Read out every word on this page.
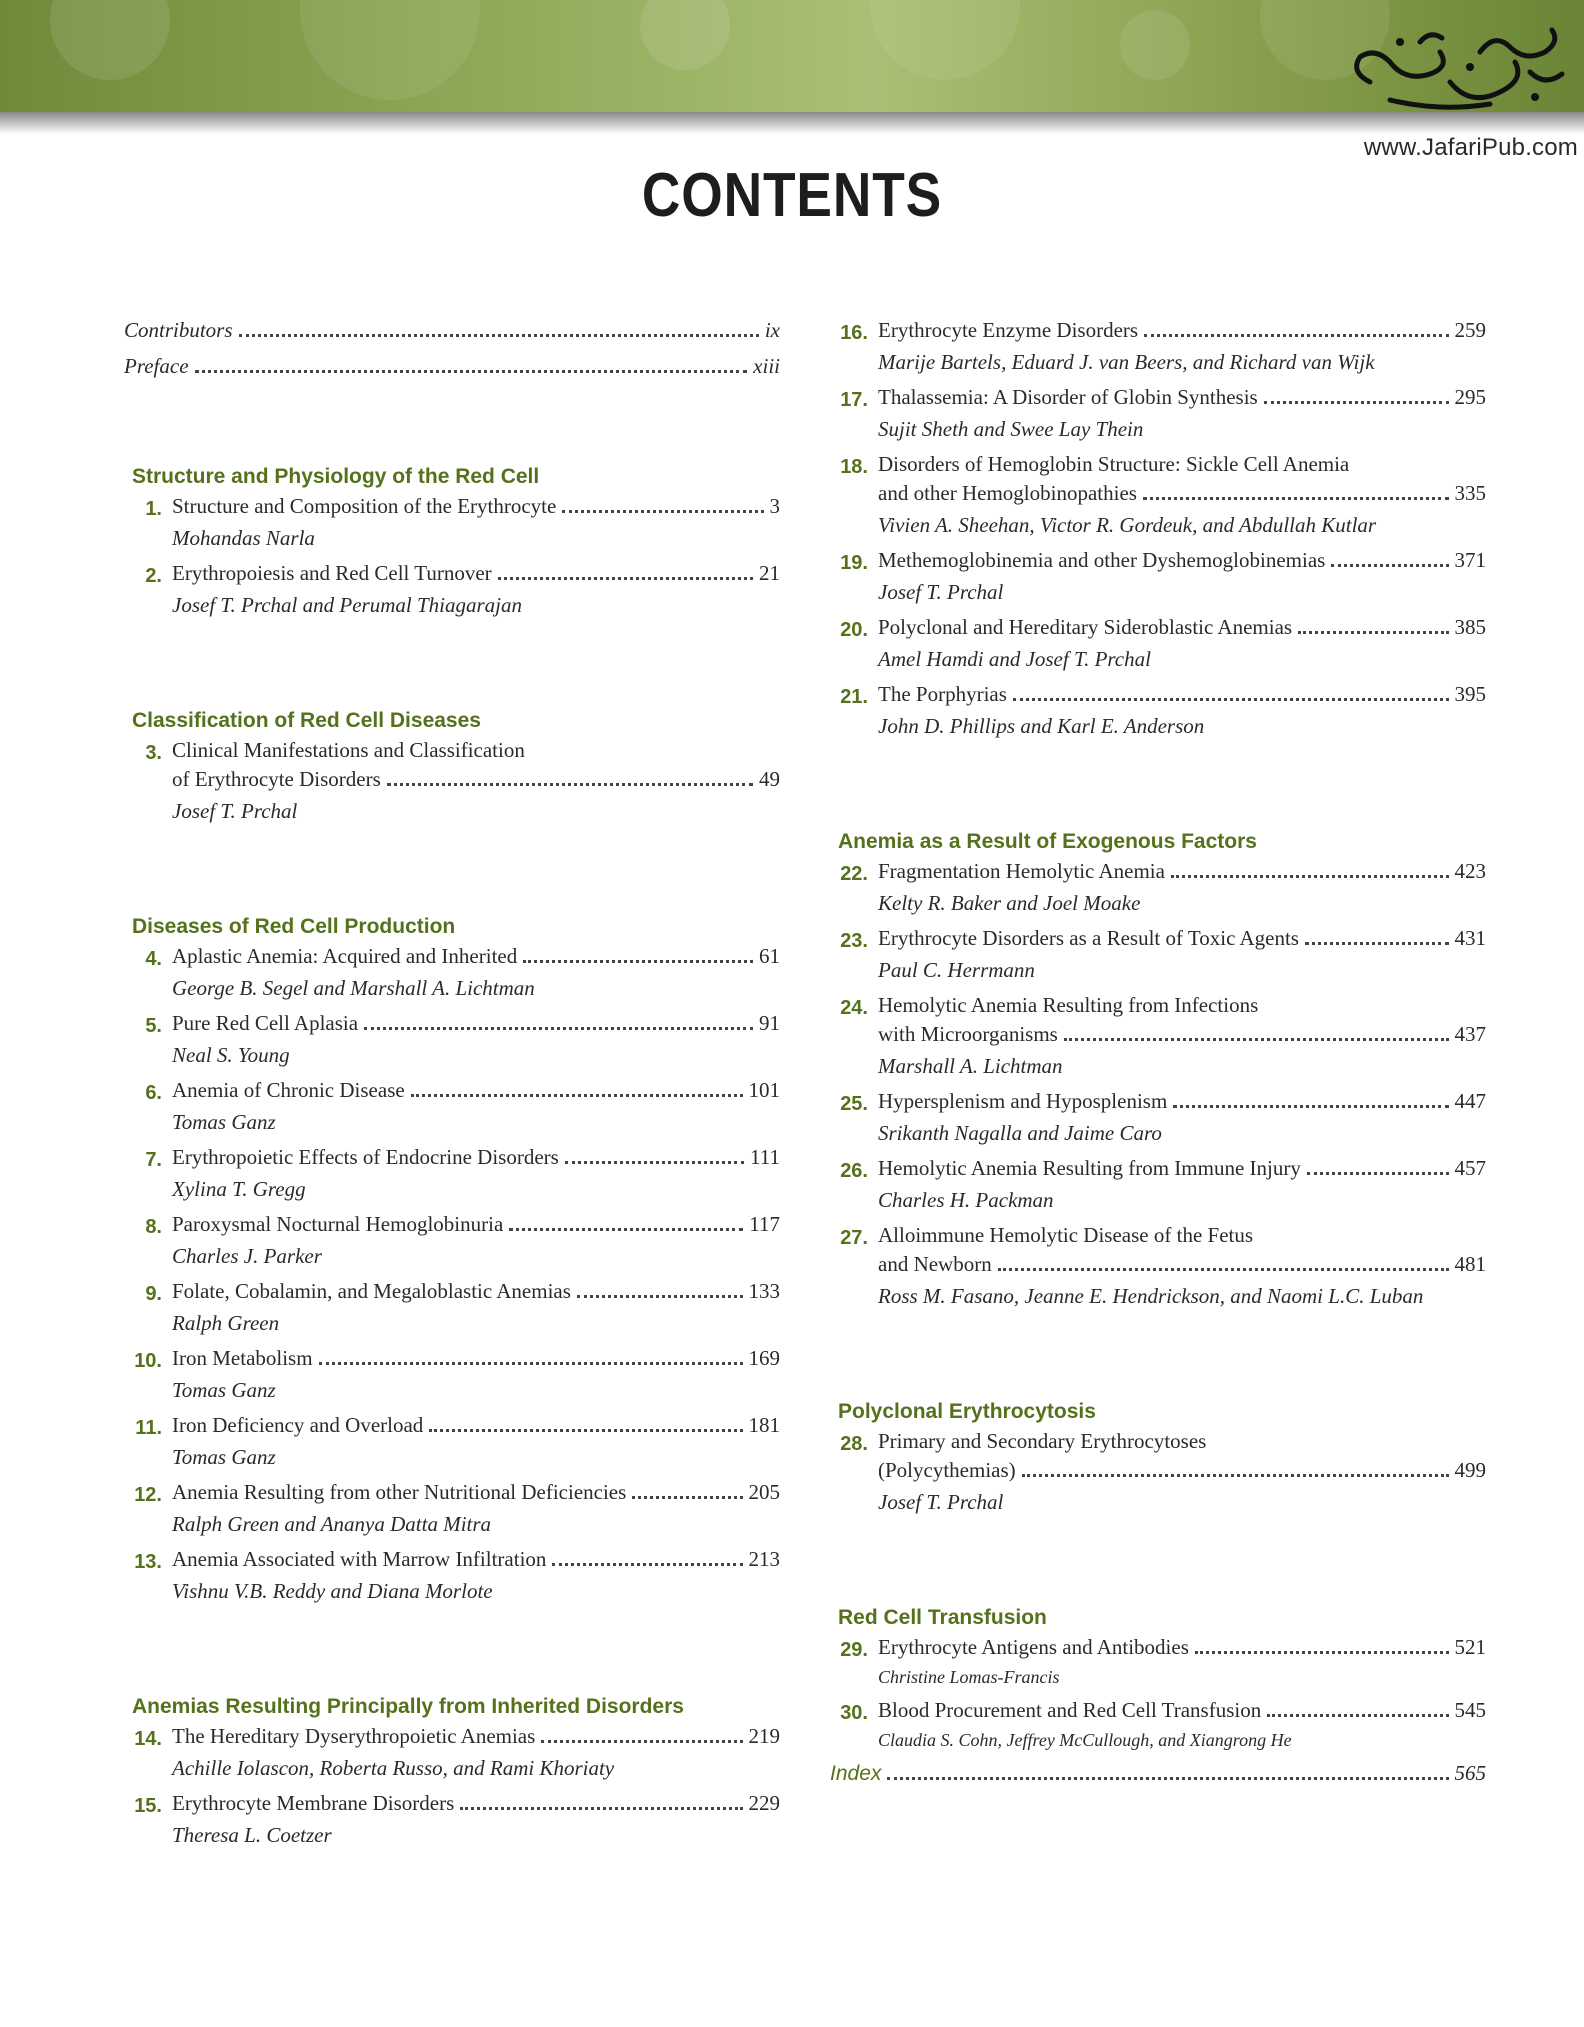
www.JafariPub.com
CONTENTS
Contributors	ix
Preface	xiii
Structure and Physiology of the Red Cell
1. Structure and Composition of the Erythrocyte	3
Mohandas Narla
2. Erythropoiesis and Red Cell Turnover	21
Josef T. Prchal and Perumal Thiagarajan
Classification of Red Cell Diseases
3. Clinical Manifestations and Classification
of Erythrocyte Disorders	49
Josef T. Prchal
Diseases of Red Cell Production
4. Aplastic Anemia: Acquired and Inherited	61
George B. Segel and Marshall A. Lichtman
5. Pure Red Cell Aplasia	91
Neal S. Young
6. Anemia of Chronic Disease	101
Tomas Ganz
7. Erythropoietic Effects of Endocrine Disorders	111
Xylina T. Gregg
8. Paroxysmal Nocturnal Hemoglobinuria	117
Charles J. Parker
9. Folate, Cobalamin, and Megaloblastic Anemias	133
Ralph Green
10. Iron Metabolism	169
Tomas Ganz
11. Iron Deficiency and Overload	181
Tomas Ganz
12. Anemia Resulting from other Nutritional Deficiencies	205
Ralph Green and Ananya Datta Mitra
13. Anemia Associated with Marrow Infiltration	213
Vishnu V.B. Reddy and Diana Morlote
Anemias Resulting Principally from Inherited Disorders
14. The Hereditary Dyserythropoietic Anemias	219
Achille Iolascon, Roberta Russo, and Rami Khoriaty
15. Erythrocyte Membrane Disorders	229
Theresa L. Coetzer
16. Erythrocyte Enzyme Disorders	259
Marije Bartels, Eduard J. van Beers, and Richard van Wijk
17. Thalassemia: A Disorder of Globin Synthesis	295
Sujit Sheth and Swee Lay Thein
18. Disorders of Hemoglobin Structure: Sickle Cell Anemia
and other Hemoglobinopathies	335
Vivien A. Sheehan, Victor R. Gordeuk, and Abdullah Kutlar
19. Methemoglobinemia and other Dyshemoglobinemias	371
Josef T. Prchal
20. Polyclonal and Hereditary Sideroblastic Anemias	385
Amel Hamdi and Josef T. Prchal
21. The Porphyrias	395
John D. Phillips and Karl E. Anderson
Anemia as a Result of Exogenous Factors
22. Fragmentation Hemolytic Anemia	423
Kelty R. Baker and Joel Moake
23. Erythrocyte Disorders as a Result of Toxic Agents	431
Paul C. Herrmann
24. Hemolytic Anemia Resulting from Infections
with Microorganisms	437
Marshall A. Lichtman
25. Hypersplenism and Hyposplenism	447
Srikanth Nagalla and Jaime Caro
26. Hemolytic Anemia Resulting from Immune Injury	457
Charles H. Packman
27. Alloimmune Hemolytic Disease of the Fetus
and Newborn	481
Ross M. Fasano, Jeanne E. Hendrickson, and Naomi L.C. Luban
Polyclonal Erythrocytosis
28. Primary and Secondary Erythrocytoses
(Polycythemias)	499
Josef T. Prchal
Red Cell Transfusion
29. Erythrocyte Antigens and Antibodies	521
Christine Lomas-Francis
30. Blood Procurement and Red Cell Transfusion	545
Claudia S. Cohn, Jeffrey McCullough, and Xiangrong He
Index	565
